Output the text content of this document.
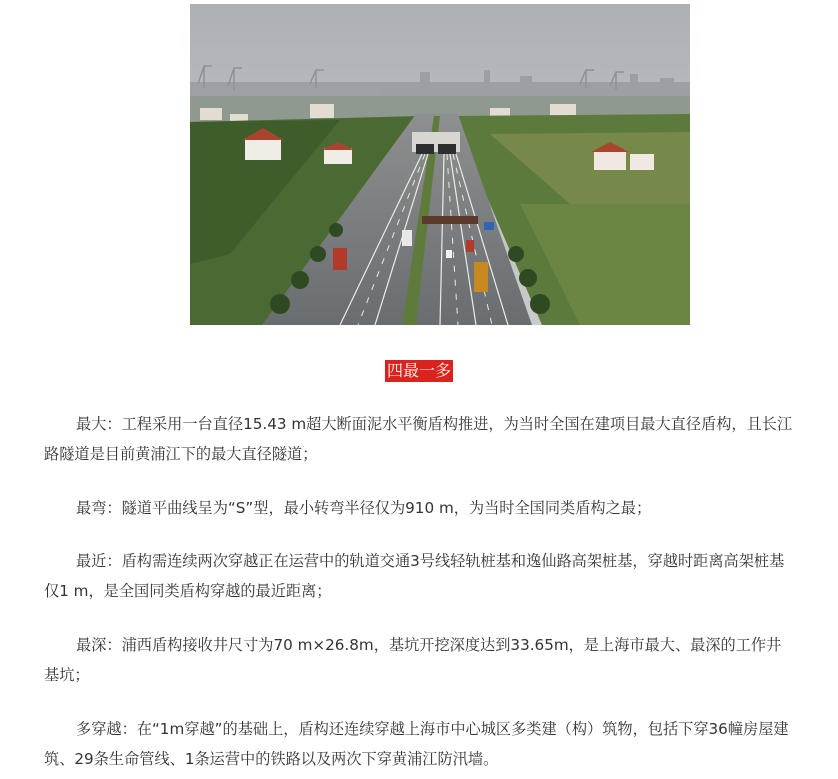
四最一多

最大：工程采用一台直径15.43 m超大断面泥水平衡盾构推进，为当时全国在建项目最大直径盾构，且长江路隧道是目前黄浦江下的最大直径隧道；

最弯：隧道平曲线呈为“S”型，最小转弯半径仅为910 m，为当时全国同类盾构之最；

最近：盾构需连续两次穿越正在运营中的轨道交通3号线轻轨桩基和逸仙路高架桩基，穿越时距离高架桩基仅1 m，是全国同类盾构穿越的最近距离；

最深：浦西盾构接收井尺寸为70 m×26.8m，基坑开挖深度达到33.65m，是上海市最大、最深的工作井基坑；

多穿越：在“1m穿越”的基础上，盾构还连续穿越上海市中心城区多类建（构）筑物，包括下穿36幢房屋建筑、29条生命管线、1条运营中的铁路以及两次下穿黄浦江防汛墙。
